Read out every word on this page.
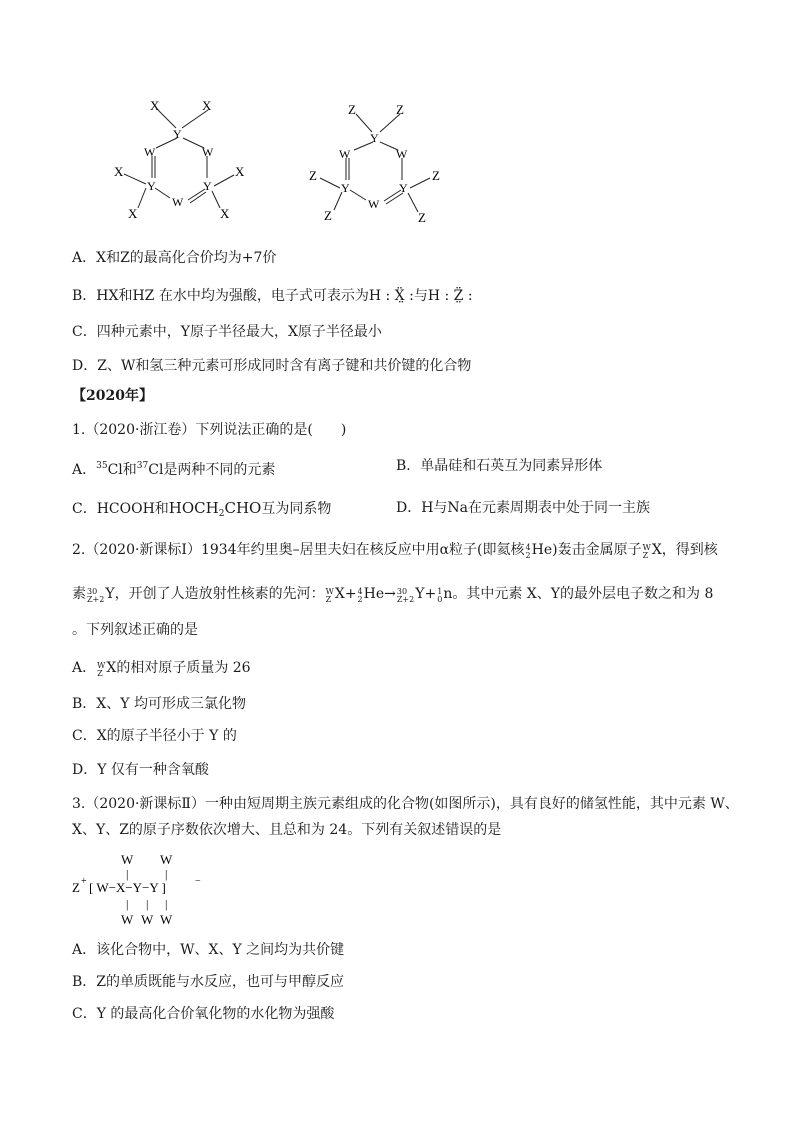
X	X
Y
W	W
Y	Y
W
X
X
X
X
Z	Z
Y
W	W
Y	Y
W
Z
Z
Z
Z
A．X和Z的最高化合价均为+7价
B．HX和HZ 在水中均为强酸，电子式可表示为H : Ẍ̤ :与H : Z̤̈ :
C．四种元素中，Y原子半径最大，X原子半径最小
D．Z、W和氢三种元素可形成同时含有离子键和共价键的化合物
【2020年】
1.（2020·浙江卷）下列说法正确的是(　　)
A．$^{35}$Cl和$^{37}$Cl是两种不同的元素	B．单晶硅和石英互为同素异形体
C．HCOOH和$HOCH_2CHO$互为同系物	D．H与Na在元素周期表中处于同一主族
2.（2020·新课标Ⅰ）1934年约里奥–居里夫妇在核反应中用α粒子(即氦核 4
2 He)轰击金属原子 W
Z X，得到核
素 30
Z+2 Y，开创了人造放射性核素的先河： W
Z X+ 4
2 He→ 30
Z+2 Y+ 1
0 n。其中元素 X、Y的最外层电子数之和为 8
。下列叙述正确的是
A． W
Z X的相对原子质量为 26
B．X、Y 均可形成三氯化物
C．X的原子半径小于 Y 的
D．Y 仅有一种含氧酸
3.（2020·新课标Ⅱ）一种由短周期主族元素组成的化合物(如图所示)，具有良好的储氢性能，其中元素 W、
X、Y、Z的原子序数依次增大、且总和为 24。下列有关叙述错误的是
W W
|	|
Z + [ W−X−Y−Y ]	−
| | |
W W W
A．该化合物中，W、X、Y 之间均为共价键
B．Z的单质既能与水反应，也可与甲醇反应
C．Y 的最高化合价氧化物的水化物为强酸
